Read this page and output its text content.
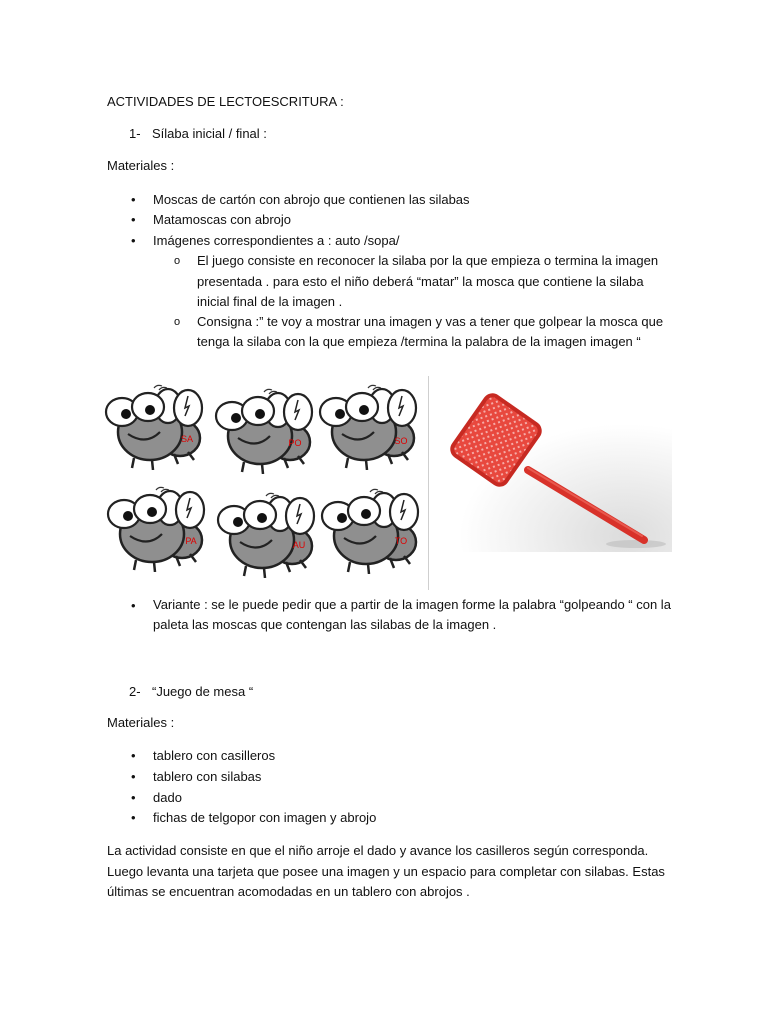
ACTIVIDADES DE LECTOESCRITURA :
1- Sílaba inicial / final :
Materiales :
• Moscas de cartón con abrojo que contienen las silabas
• Matamoscas con abrojo
• Imágenes correspondientes a : auto /sopa/
o El juego consiste en reconocer la silaba por la que empieza o termina la imagen
presentada . para esto el niño deberá “matar” la mosca que contiene la silaba
inicial final de la imagen .
o Consigna :” te voy a mostrar una imagen y vas a tener que golpear la mosca que
tenga la silaba con la que empieza /termina la palabra de la imagen imagen “
SA	PO	SO
PA	AU	TO
• Variante : se le puede pedir que a partir de la imagen forme la palabra “golpeando “ con la
paleta las moscas que contengan las silabas de la imagen .
2- “Juego de mesa “
Materiales :
• tablero con casilleros
• tablero con silabas
• dado
• fichas de telgopor con imagen y abrojo
La actividad consiste en que el niño arroje el dado y avance los casilleros según corresponda.
Luego levanta una tarjeta que posee una imagen y un espacio para completar con silabas. Estas
últimas se encuentran acomodadas en un tablero con abrojos .
